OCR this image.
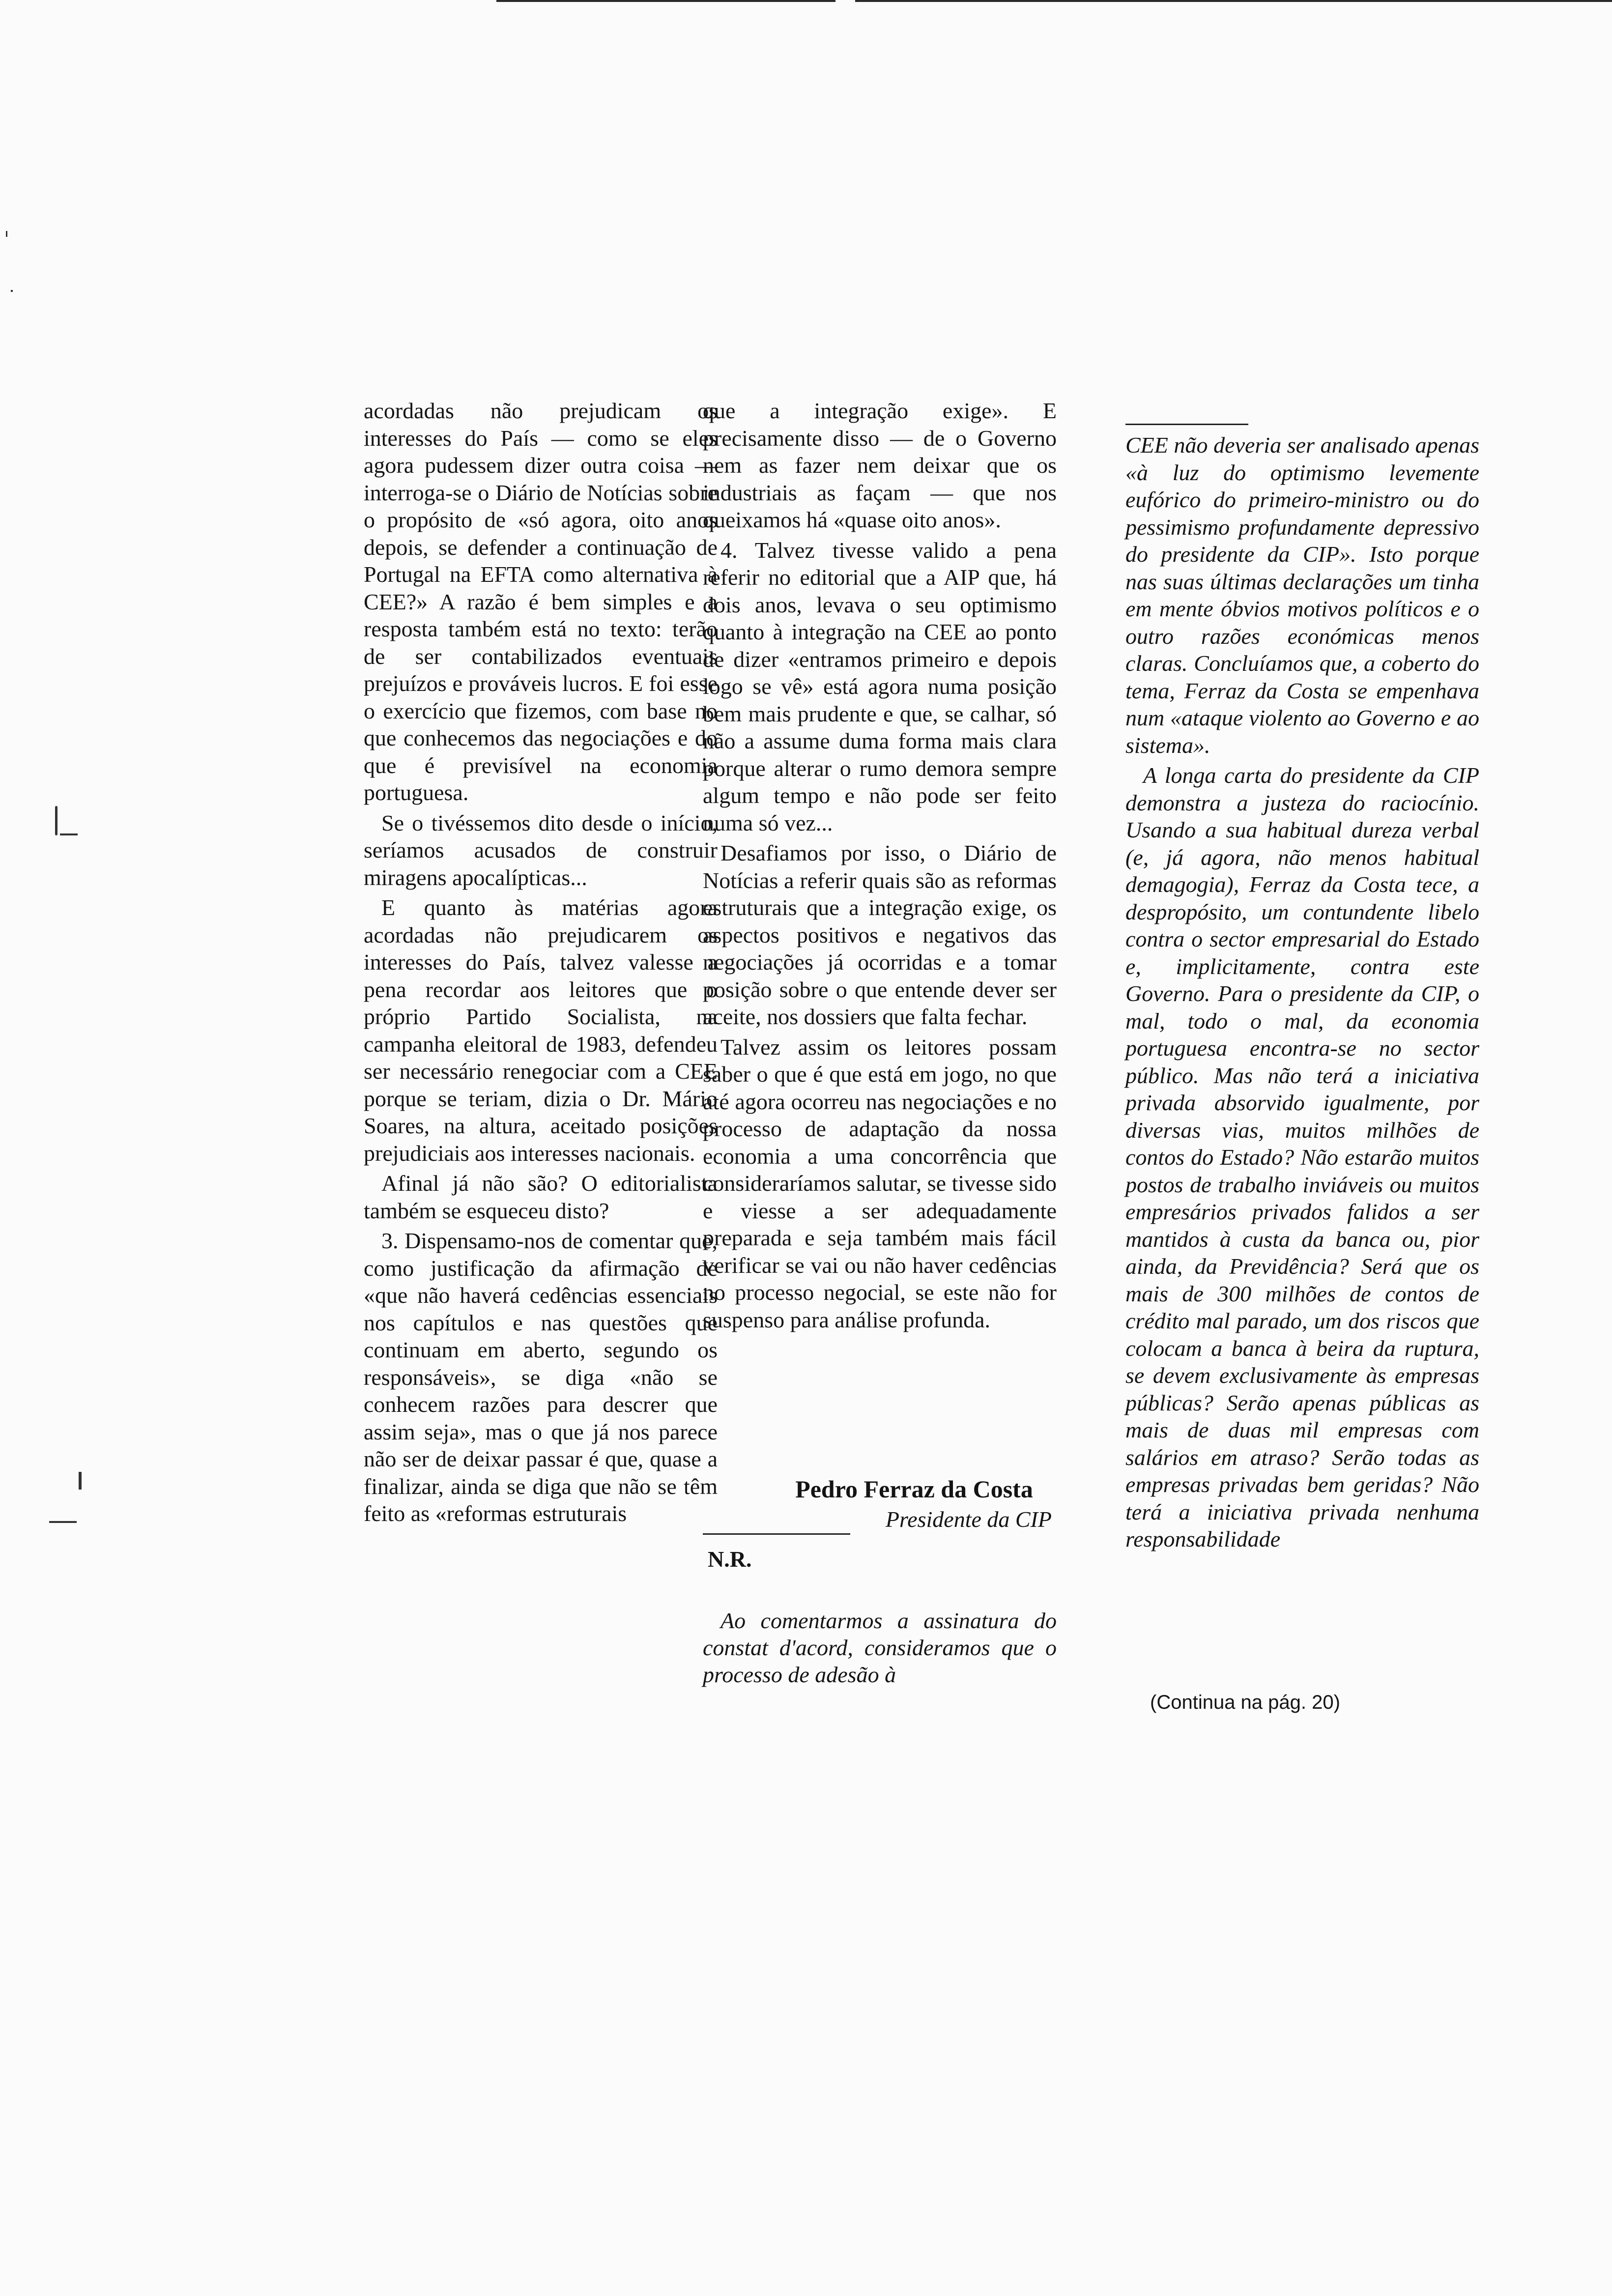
acordadas não prejudicam os interesses do País — como se eles agora pudessem dizer outra coisa — interroga-se o Diário de Notícias sobre o propósito de «só agora, oito anos depois, se defender a continuação de Portugal na EFTA como alternativa à CEE?» A razão é bem simples e a resposta também está no texto: terão de ser contabilizados eventuais prejuízos e prováveis lucros. E foi esse o exercício que fizemos, com base no que conhecemos das negociações e do que é previsível na economia portuguesa.

Se o tivéssemos dito desde o início, seríamos acusados de construir miragens apocalípticas...

E quanto às matérias agora acordadas não prejudicarem os interesses do País, talvez valesse a pena recordar aos leitores que o próprio Partido Socialista, na campanha eleitoral de 1983, defendeu ser necessário renegociar com a CEE porque se teriam, dizia o Dr. Mário Soares, na altura, aceitado posições prejudiciais aos interesses nacionais.

Afinal já não são? O editorialista também se esqueceu disto?

3. Dispensamo-nos de comentar que, como justificação da afirmação de «que não haverá cedências essenciais nos capítulos e nas questões que continuam em aberto, segundo os responsáveis», se diga «não se conhecem razões para descrer que assim seja», mas o que já nos parece não ser de deixar passar é que, quase a finalizar, ainda se diga que não se têm feito as «reformas estruturais

que a integração exige». E precisamente disso — de o Governo nem as fazer nem deixar que os industriais as façam — que nos queixamos há «quase oito anos».

4. Talvez tivesse valido a pena referir no editorial que a AIP que, há dois anos, levava o seu optimismo quanto à integração na CEE ao ponto de dizer «entramos primeiro e depois logo se vê» está agora numa posição bem mais prudente e que, se calhar, só não a assume duma forma mais clara porque alterar o rumo demora sempre algum tempo e não pode ser feito numa só vez...

Desafiamos por isso, o Diário de Notícias a referir quais são as reformas estruturais que a integração exige, os aspectos positivos e negativos das negociações já ocorridas e a tomar posição sobre o que entende dever ser aceite, nos dossiers que falta fechar.

Talvez assim os leitores possam saber o que é que está em jogo, no que até agora ocorreu nas negociações e no processo de adaptação da nossa economia a uma concorrência que consideraríamos salutar, se tivesse sido e viesse a ser adequadamente preparada e seja também mais fácil verificar se vai ou não haver cedências no processo negocial, se este não for suspenso para análise profunda.

CEE não deveria ser analisado apenas «à luz do optimismo levemente eufórico do primeiro-ministro ou do pessimismo profundamente depressivo do presidente da CIP». Isto porque nas suas últimas declarações um tinha em mente óbvios motivos políticos e o outro razões económicas menos claras. Concluíamos que, a coberto do tema, Ferraz da Costa se empenhava num «ataque violento ao Governo e ao sistema».

A longa carta do presidente da CIP demonstra a justeza do raciocínio. Usando a sua habitual dureza verbal (e, já agora, não menos habitual demagogia), Ferraz da Costa tece, a despropósito, um contundente libelo contra o sector empresarial do Estado e, implicitamente, contra este Governo. Para o presidente da CIP, o mal, todo o mal, da economia portuguesa encontra-se no sector público. Mas não terá a iniciativa privada absorvido igualmente, por diversas vias, muitos milhões de contos do Estado? Não estarão muitos postos de trabalho inviáveis ou muitos empresários privados falidos a ser mantidos à custa da banca ou, pior ainda, da Previdência? Será que os mais de 300 milhões de contos de crédito mal parado, um dos riscos que colocam a banca à beira da ruptura, se devem exclusivamente às empresas públicas? Serão apenas públicas as mais de duas mil empresas com salários em atraso? Serão todas as empresas privadas bem geridas? Não terá a iniciativa privada nenhuma responsabilidade

Pedro Ferraz da Costa
Presidente da CIP
N.R.

Ao comentarmos a assinatura do constat d'acord, consideramos que o processo de adesão à

(Continua na pág. 20)
